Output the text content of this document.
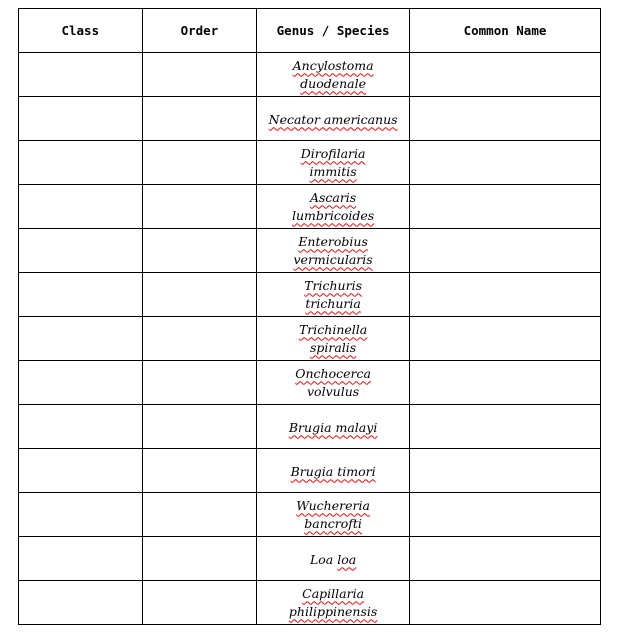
Class	Order	Genus / Species	Common Name
		Ancylostoma
duodenale	
		Necator americanus	
		Dirofilaria
immitis	
		Ascaris
lumbricoides	
		Enterobius
vermicularis	
		Trichuris
trichuria	
		Trichinella
spiralis	
		Onchocerca
volvulus	
		Brugia malayi	
		Brugia timori	
		Wuchereria
bancrofti	
		Loa loa	
		Capillaria
philippinensis	
